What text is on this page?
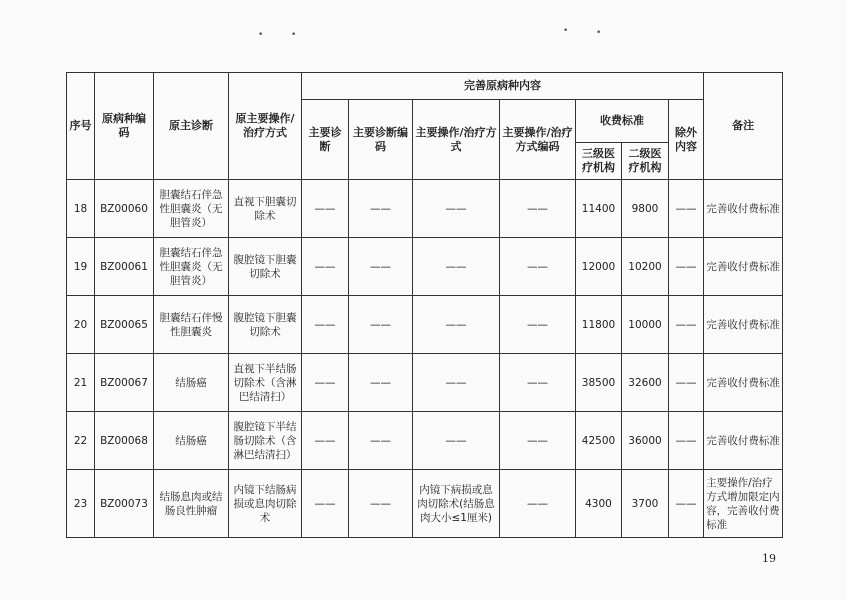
•	•	•	•
序号	原病种编码	原主诊断	原主要操作/治疗方式	完善原病种内容							备注
				主要诊断	主要诊断编码	主要操作/治疗方式	主要操作/治疗方式编码	收费标准		除外内容	
								三级医疗机构	二级医疗机构		
18	BZ00060	胆囊结石伴急性胆囊炎（无胆管炎）	直视下胆囊切除术	——	——	——	——	11400	9800	——	完善收付费标准
19	BZ00061	胆囊结石伴急性胆囊炎（无胆管炎）	腹腔镜下胆囊切除术	——	——	——	——	12000	10200	——	完善收付费标准
20	BZ00065	胆囊结石伴慢性胆囊炎	腹腔镜下胆囊切除术	——	——	——	——	11800	10000	——	完善收付费标准
21	BZ00067	结肠癌	直视下半结肠切除术（含淋巴结清扫）	——	——	——	——	38500	32600	——	完善收付费标准
22	BZ00068	结肠癌	腹腔镜下半结肠切除术（含淋巴结清扫）	——	——	——	——	42500	36000	——	完善收付费标准
23	BZ00073	结肠息肉或结肠良性肿瘤	内镜下结肠病损或息肉切除术	——	——	内镜下病损或息肉切除术(结肠息肉大小≤1厘米)	——	4300	3700	——	主要操作/治疗方式增加限定内容，完善收付费标准
19
